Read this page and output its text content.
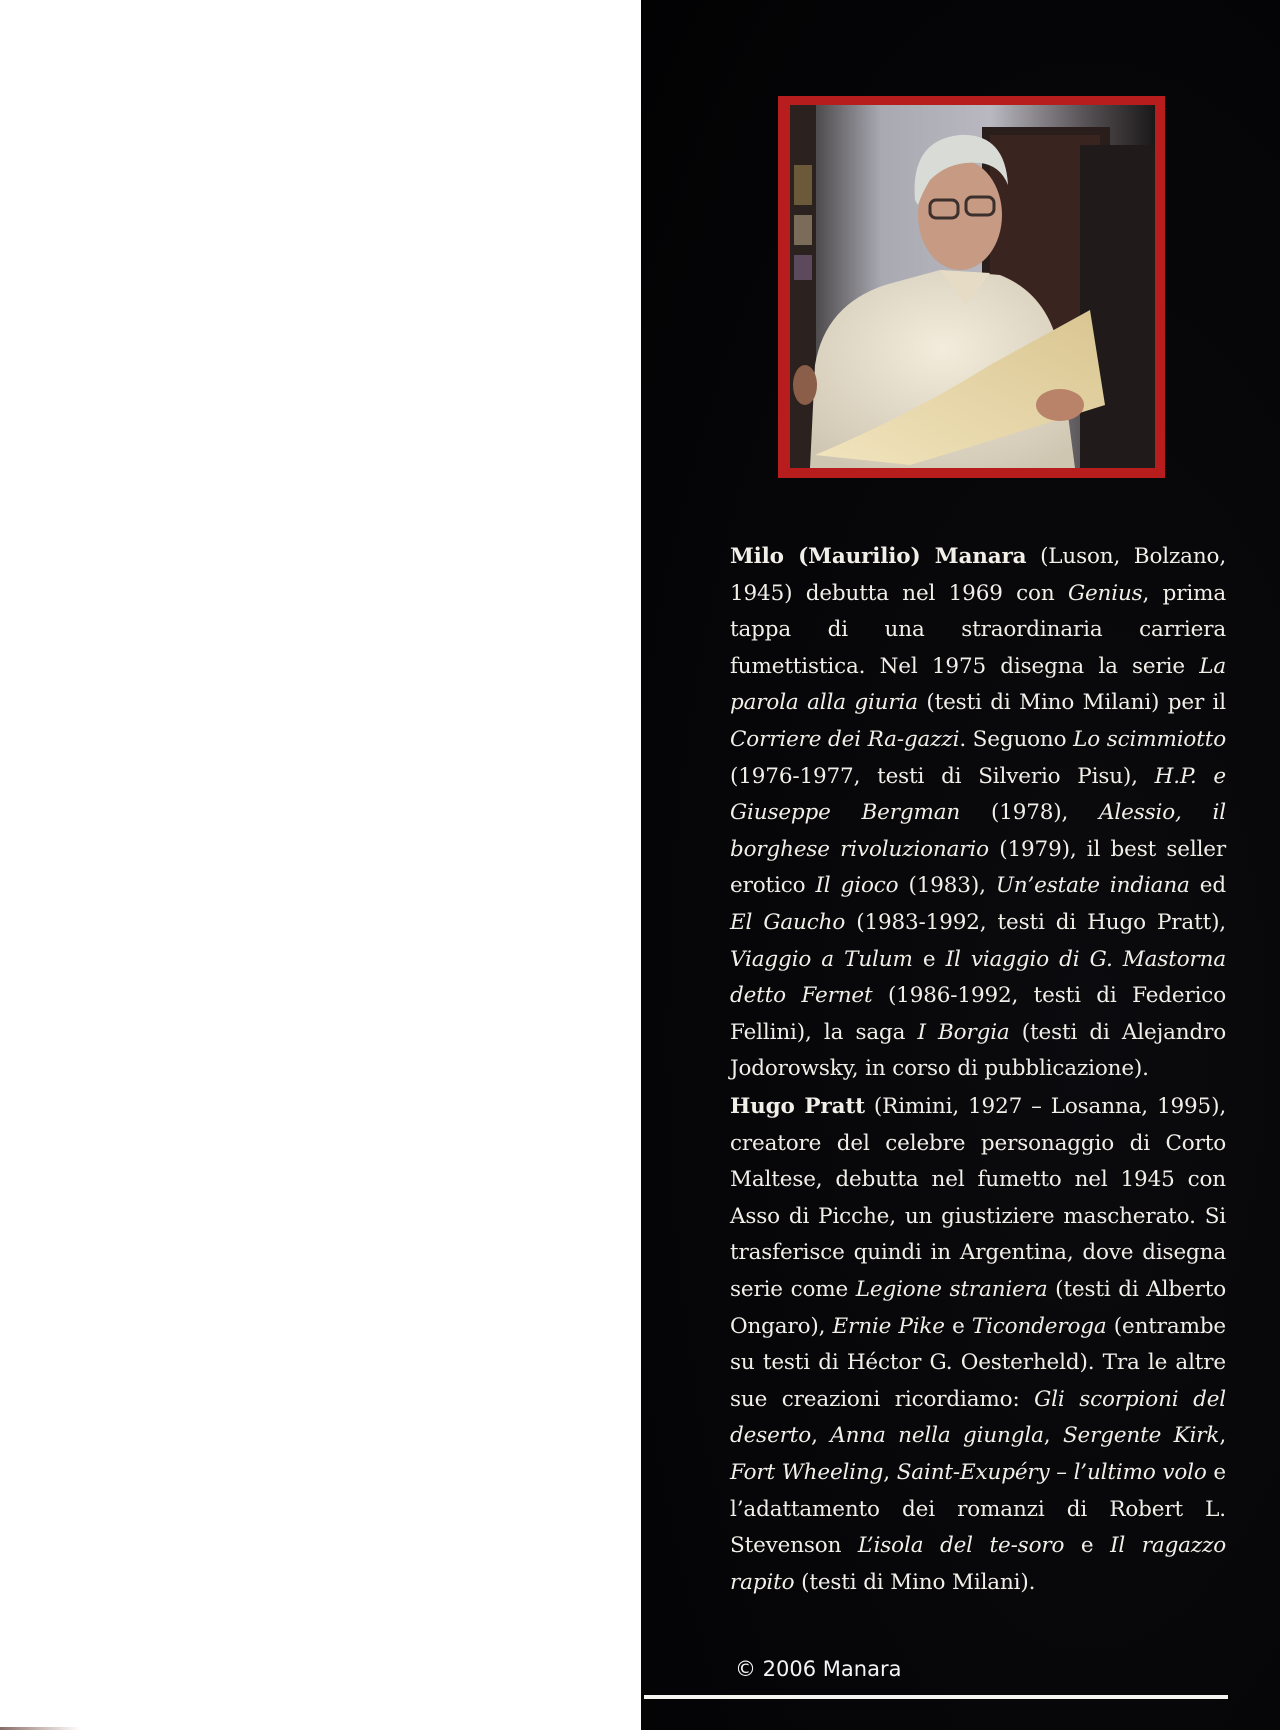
Milo (Maurilio) Manara (Luson, Bolzano, 1945) debutta nel 1969 con Genius, prima tappa di una straordinaria carriera fumettistica. Nel 1975 disegna la serie La parola alla giuria (testi di Mino Milani) per il Corriere dei Ra-gazzi. Seguono Lo scimmiotto (1976-1977, testi di Silverio Pisu), H.P. e Giuseppe Bergman (1978), Alessio, il borghese rivoluzionario (1979), il best seller erotico Il gioco (1983), Un’estate indiana ed El Gaucho (1983-1992, testi di Hugo Pratt), Viaggio a Tulum e Il viaggio di G. Mastorna detto Fernet (1986-1992, testi di Federico Fellini), la saga I Borgia (testi di Alejandro Jodorowsky, in corso di pubblicazione).
Hugo Pratt (Rimini, 1927 – Losanna, 1995), creatore del celebre personaggio di Corto Maltese, debutta nel fumetto nel 1945 con Asso di Picche, un giustiziere mascherato. Si trasferisce quindi in Argentina, dove disegna serie come Legione straniera (testi di Alberto Ongaro), Ernie Pike e Ticonderoga (entrambe su testi di Héctor G. Oesterheld). Tra le altre sue creazioni ricordiamo: Gli scorpioni del deserto, Anna nella giungla, Sergente Kirk, Fort Wheeling, Saint-Exupéry – l’ultimo volo e l’adattamento dei romanzi di Robert L. Stevenson L’isola del te-soro e Il ragazzo rapito (testi di Mino Milani).
© 2006 Manara
